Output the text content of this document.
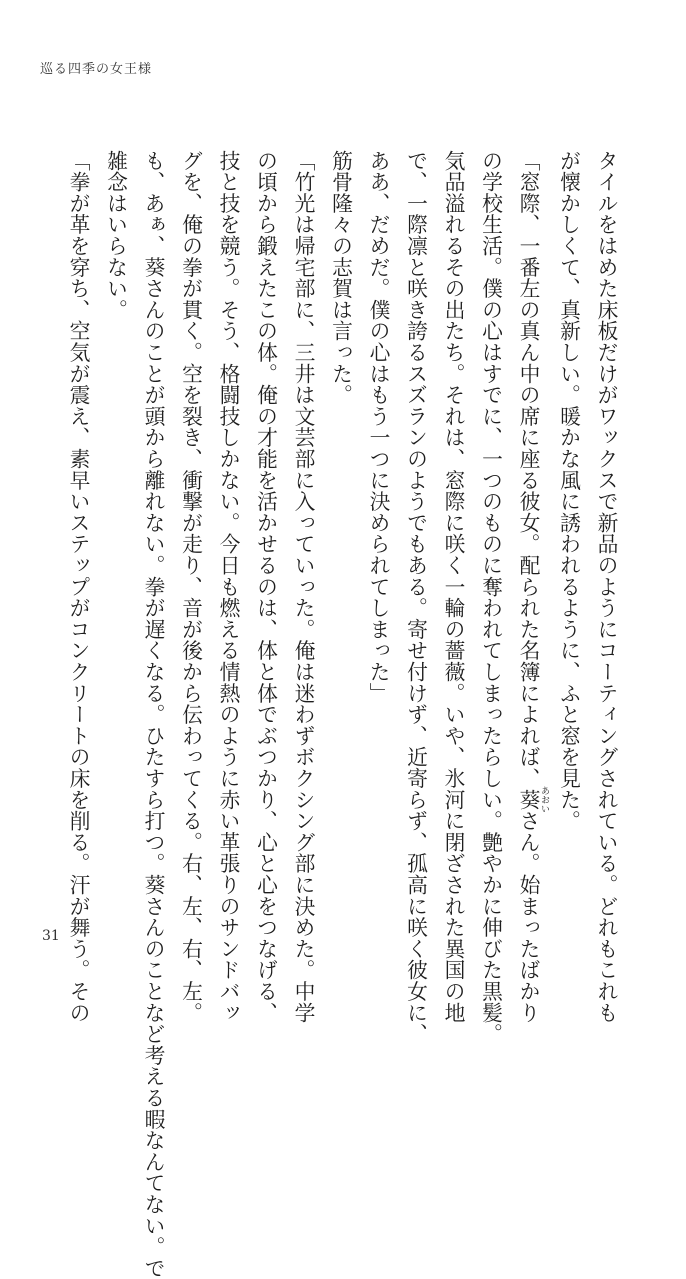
巡る四季の女王様
タイルをはめた床板だけがワックスで新品のようにコーティングされている。どれもこれも
が懐かしくて、真新しい。暖かな風に誘われるように、ふと窓を見た。
「窓際、一番左の真ん中の席に座る彼女。配られた名簿によれば、葵 あおいさん。始まったばかり
の学校生活。僕の心はすでに、一つのものに奪われてしまったらしい。艶やかに伸びた黒髪。
気品溢れるその出たち。それは、窓際に咲く一輪の薔薇。いや、氷河に閉ざされた異国の地
で、一際凛と咲き誇るスズランのようでもある。寄せ付けず、近寄らず、孤高に咲く彼女に、
ああ、だめだ。僕の心はもう一つに決められてしまった」
筋骨隆々の志賀は言った。
「竹光は帰宅部に、三井は文芸部に入っていった。俺は迷わずボクシング部に決めた。中学
の頃から鍛えたこの体。俺の才能を活かせるのは、体と体でぶつかり、心と心をつなげる、
技と技を競う。そう、格闘技しかない。今日も燃える情熱のように赤い革張りのサンドバッ
グを、俺の拳が貫く。空を裂き、衝撃が走り、音が後から伝わってくる。右、左、右、左。
も、あぁ、葵さんのことが頭から離れない。拳が遅くなる。ひたすら打つ。葵さんのことなど考える暇なんてない。で
雑念はいらない。
「拳が革を穿ち、空気が震え、素早いステップがコンクリートの床を削る。汗が舞う。その
31
